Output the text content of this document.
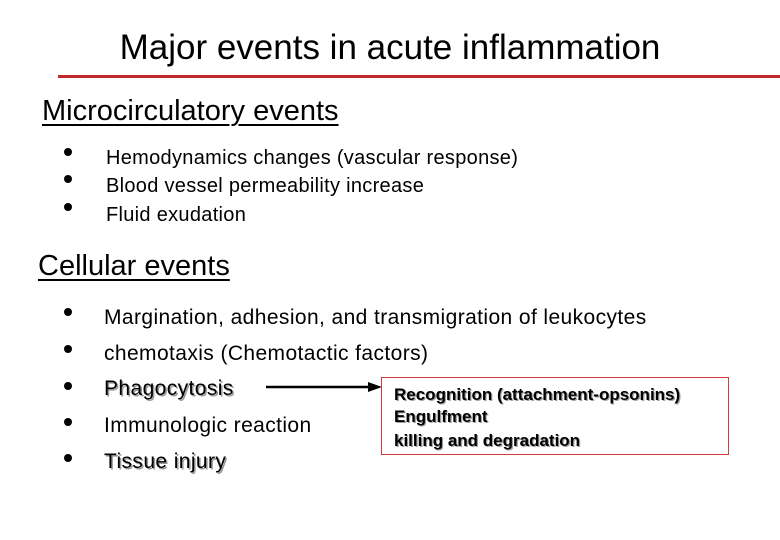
Major events in acute inflammation
Microcirculatory events
Hemodynamics changes (vascular response)
Blood vessel permeability increase
Fluid exudation
Cellular events
Margination, adhesion, and transmigration of leukocytes
chemotaxis (Chemotactic factors)
Phagocytosis
Immunologic reaction
Tissue injury
Recognition (attachment-opsonins)
Engulfment
killing and degradation
